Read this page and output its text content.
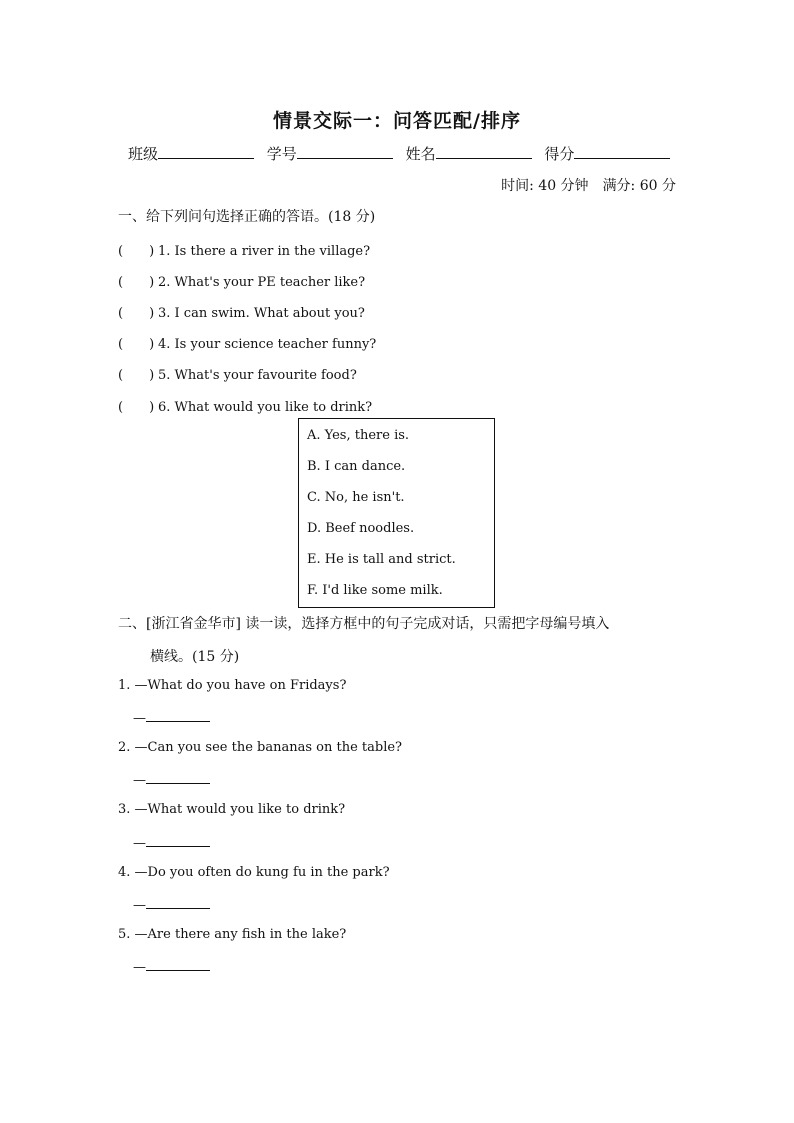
情景交际一：问答匹配/排序
班级	学号	姓名	得分
时间: 40 分钟 满分: 60 分
一、给下列问句选择正确的答语。(18 分)
(　　) 1. Is there a river in the village?
(　　) 2. What's your PE teacher like?
(　　) 3. I can swim. What about you?
(　　) 4. Is your science teacher funny?
(　　) 5. What's your favourite food?
(　　) 6. What would you like to drink?
A. Yes, there is.
B. I can dance.
C. No, he isn't.
D. Beef noodles.
E. He is tall and strict.
F. I'd like some milk.
二、[浙江省金华市] 读一读，选择方框中的句子完成对话，只需把字母编号填入
横线。(15 分)
1. —What do you have on Fridays?
—
2. —Can you see the bananas on the table?
—
3. —What would you like to drink?
—
4. —Do you often do kung fu in the park?
—
5. —Are there any fish in the lake?
—
